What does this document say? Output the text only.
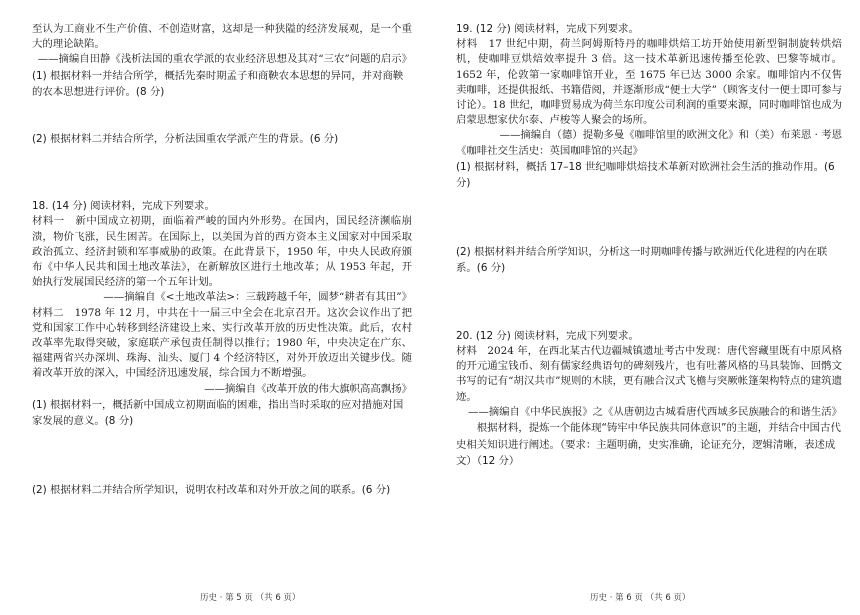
至认为工商业不生产价值、不创造财富，这却是一种狭隘的经济发展观，是一个重大的理论缺陷。

——摘编自田静《浅析法国的重农学派的农业经济思想及其对“三农”问题的启示》

(1) 根据材料一并结合所学，概括先秦时期孟子和商鞅农本思想的异同，并对商鞅的农本思想进行评价。(8 分)

(2) 根据材料二并结合所学，分析法国重农学派产生的背景。(6 分)

18. (14 分) 阅读材料，完成下列要求。

材料一　新中国成立初期，面临着严峻的国内外形势。在国内，国民经济濒临崩溃，物价飞涨，民生困苦。在国际上，以美国为首的西方资本主义国家对中国采取政治孤立、经济封锁和军事威胁的政策。在此背景下，1950 年，中央人民政府颁布《中华人民共和国土地改革法》，在新解放区进行土地改革；从 1953 年起，开始执行发展国民经济的第一个五年计划。

——摘编自《<土地改革法>：三载跨越千年，圆梦“耕者有其田”》

材料二　1978 年 12 月，中共在十一届三中全会在北京召开。这次会议作出了把党和国家工作中心转移到经济建设上来、实行改革开放的历史性决策。此后，农村改革率先取得突破，家庭联产承包责任制得以推行；1980 年，中央决定在广东、福建两省兴办深圳、珠海、汕头、厦门 4 个经济特区，对外开放迈出关键步伐。随着改革开放的深入，中国经济迅速发展，综合国力不断增强。

——摘编自《改革开放的伟大旗帜高高飘扬》

(1) 根据材料一，概括新中国成立初期面临的困难，指出当时采取的应对措施对国家发展的意义。(8 分)

(2) 根据材料二并结合所学知识，说明农村改革和对外开放之间的联系。(6 分)

历史 · 第 5 页 （共 6 页）

19. (12 分) 阅读材料，完成下列要求。

材料　17 世纪中期，荷兰阿姆斯特丹的咖啡烘焙工坊开始使用新型铜制旋转烘焙机，使咖啡豆烘焙效率提升 3 倍。这一技术革新迅速传播至伦敦、巴黎等城市。1652 年，伦敦第一家咖啡馆开业，至 1675 年已达 3000 余家。咖啡馆内不仅售卖咖啡，还提供报纸、书籍借阅，并逐渐形成“便士大学”（顾客支付一便士即可参与讨论）。18 世纪，咖啡贸易成为荷兰东印度公司利润的重要来源，同时咖啡馆也成为启蒙思想家伏尔泰、卢梭等人聚会的场所。

——摘编自（德）提勒多曼《咖啡馆里的欧洲文化》和（美）布莱恩 · 考恩

《咖啡社交生活史：英国咖啡馆的兴起》

(1) 根据材料，概括 17–18 世纪咖啡烘焙技术革新对欧洲社会生活的推动作用。(6 分)

(2) 根据材料并结合所学知识，分析这一时期咖啡传播与欧洲近代化进程的内在联系。(6 分)

20. (12 分) 阅读材料，完成下列要求。

材料　2024 年，在西北某古代边疆城镇遗址考古中发现：唐代窖藏里既有中原风格的开元通宝钱币、刻有儒家经典语句的碑刻残片，也有吐蕃风格的马具装饰、回鹘文书写的记有“胡汉共市”规则的木牍，更有融合汉式飞檐与突厥帐篷架构特点的建筑遗迹。

——摘编自《中华民族报》之《从唐朝边古城看唐代西域多民族融合的和谐生活》

根据材料，提炼一个能体现“铸牢中华民族共同体意识”的主题，并结合中国古代史相关知识进行阐述。（要求：主题明确，史实准确，论证充分，逻辑清晰，表述成文）（12 分）

历史 · 第 6 页 （共 6 页）
